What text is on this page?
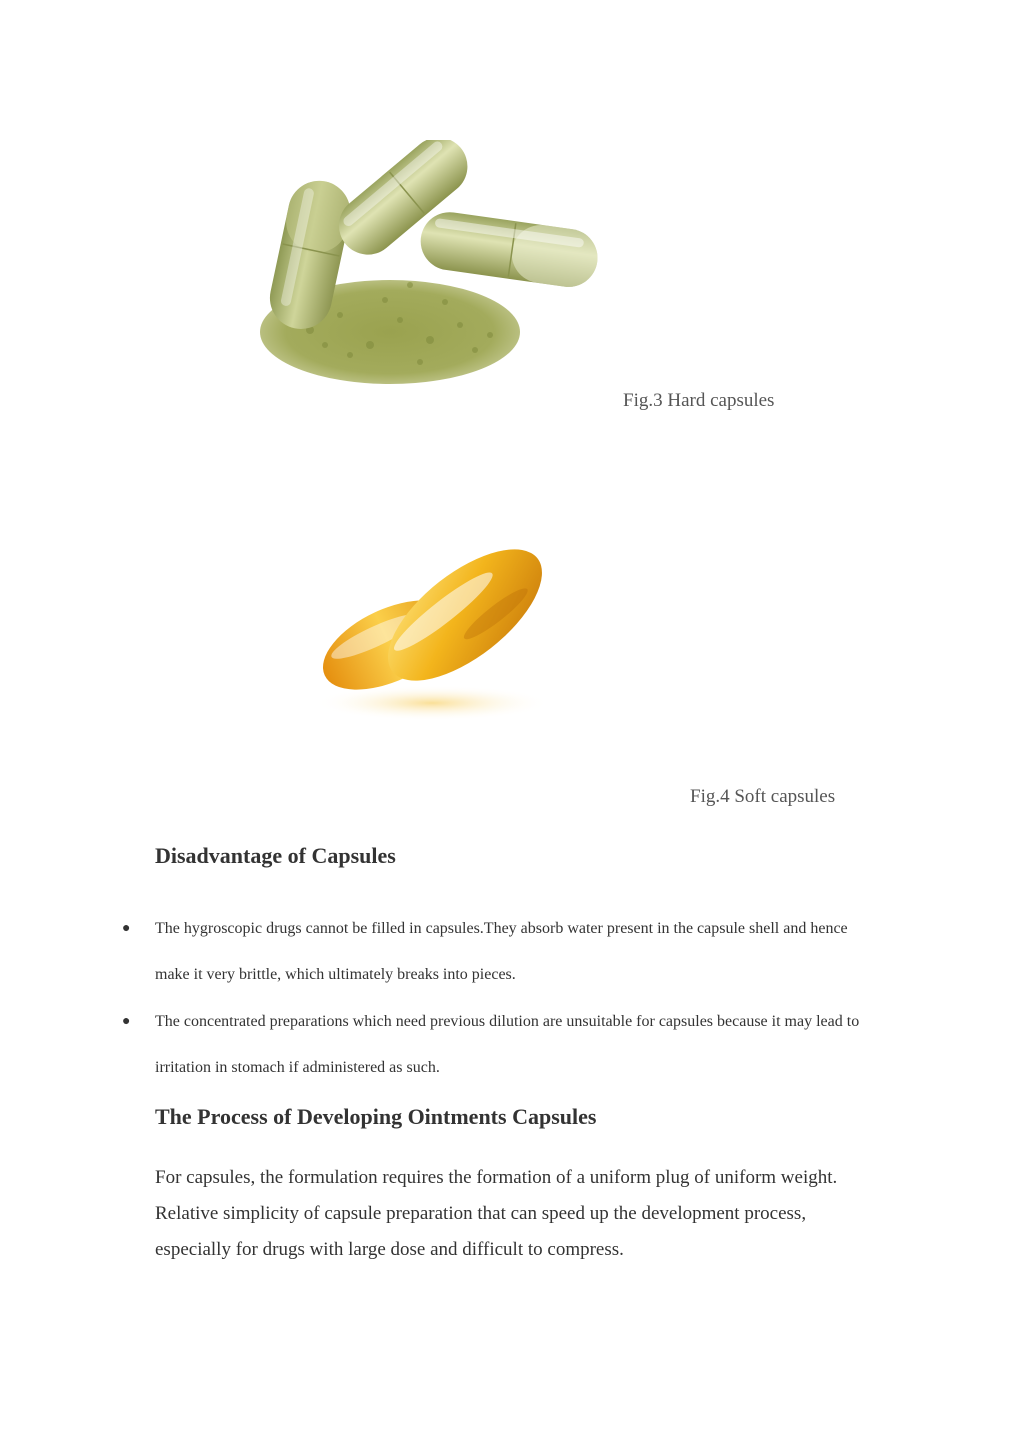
Fig.3 Hard capsules
Fig.4 Soft capsules
Disadvantage of Capsules
● The hygroscopic drugs cannot be filled in capsules.They absorb water present in the capsule shell and hence make it very brittle, which ultimately breaks into pieces.
● The concentrated preparations which need previous dilution are unsuitable for capsules because it may lead to irritation in stomach if administered as such.
The Process of Developing Ointments Capsules

For capsules, the formulation requires the formation of a uniform plug of uniform weight. Relative simplicity of capsule preparation that can speed up the development process, especially for drugs with large dose and difficult to compress.
